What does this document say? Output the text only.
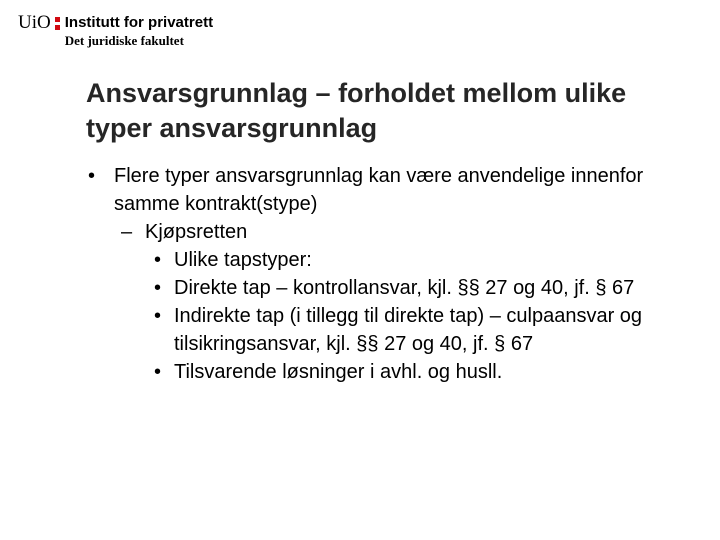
UiO Institutt for privatrett
Det juridiske fakultet
Ansvarsgrunnlag – forholdet mellom ulike typer ansvarsgrunnlag
• Flere typer ansvarsgrunnlag kan være anvendelige innenfor samme kontrakt(stype)
– Kjøpsretten
• Ulike tapstyper:
• Direkte tap – kontrollansvar, kjl. §§ 27 og 40, jf. § 67
• Indirekte tap (i tillegg til direkte tap) – culpaansvar og tilsikringsansvar, kjl. §§ 27 og 40, jf. § 67
• Tilsvarende løsninger i avhl. og husll.
